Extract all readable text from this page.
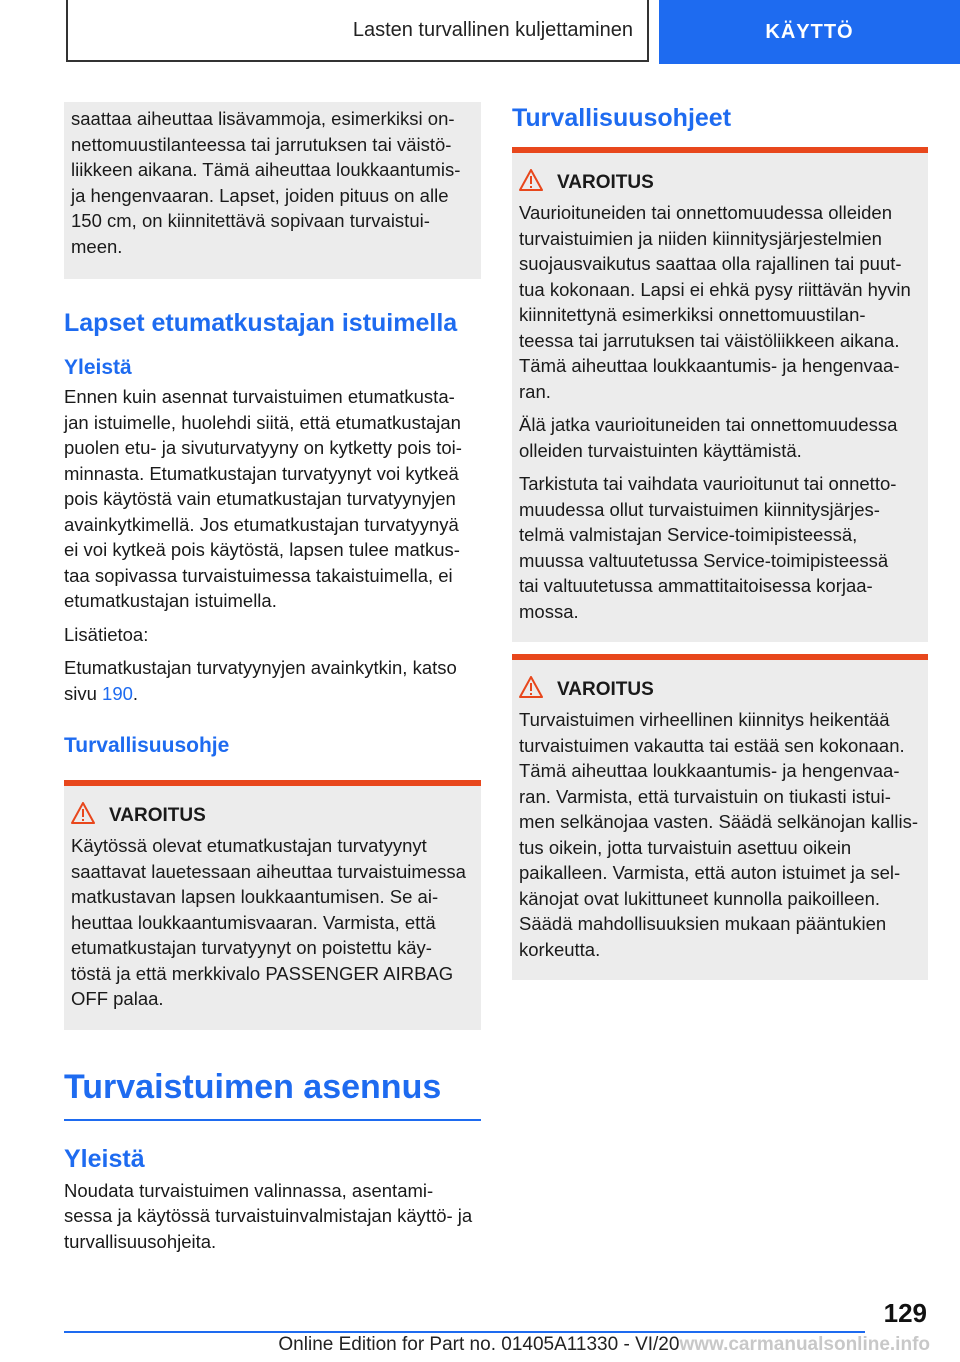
Lasten turvallinen kuljettaminen	KÄYTTÖ

saattaa aiheuttaa lisävammoja, esimerkiksi on-

nettomuustilanteessa tai jarrutuksen tai väistö-

liikkeen aikana. Tämä aiheuttaa loukkaantumis-

ja hengenvaaran. Lapset, joiden pituus on alle

150 cm, on kiinnitettävä sopivaan turvaistui-

meen.

Lapset etumatkustajan istuimella
Yleistä

Ennen kuin asennat turvaistuimen etumatkusta-

jan istuimelle, huolehdi siitä, että etumatkustajan

puolen etu- ja sivuturvatyyny on kytketty pois toi-

minnasta. Etumatkustajan turvatyynyt voi kytkeä

pois käytöstä vain etumatkustajan turvatyynyjen

avainkytkimellä. Jos etumatkustajan turvatyynyä

ei voi kytkeä pois käytöstä, lapsen tulee matkus-

taa sopivassa turvaistuimessa takaistuimella, ei

etumatkustajan istuimella.

Lisätietoa:

Etumatkustajan turvatyynyjen avainkytkin, katso

sivu 190.

Turvallisuusohje
VAROITUS

Käytössä olevat etumatkustajan turvatyynyt

saattavat lauetessaan aiheuttaa turvaistuimessa

matkustavan lapsen loukkaantumisen. Se ai-

heuttaa loukkaantumisvaaran. Varmista, että

etumatkustajan turvatyynyt on poistettu käy-

töstä ja että merkkivalo PASSENGER AIRBAG

OFF palaa.

Turvaistuimen asennus
Yleistä

Noudata turvaistuimen valinnassa, asentami-

sessa ja käytössä turvaistuinvalmistajan käyttö- ja

turvallisuusohjeita.

Turvallisuusohjeet
VAROITUS

Vaurioituneiden tai onnettomuudessa olleiden

turvaistuimien ja niiden kiinnitysjärjestelmien

suojausvaikutus saattaa olla rajallinen tai puut-

tua kokonaan. Lapsi ei ehkä pysy riittävän hyvin

kiinnitettynä esimerkiksi onnettomuustilan-

teessa tai jarrutuksen tai väistöliikkeen aikana.

Tämä aiheuttaa loukkaantumis- ja hengenvaa-

ran.

Älä jatka vaurioituneiden tai onnettomuudessa

olleiden turvaistuinten käyttämistä.

Tarkistuta tai vaihdata vaurioitunut tai onnetto-

muudessa ollut turvaistuimen kiinnitysjärjes-

telmä valmistajan Service-toimipisteessä,

muussa valtuutetussa Service-toimipisteessä

tai valtuutetussa ammattitaitoisessa korjaa-

mossa.

VAROITUS

Turvaistuimen virheellinen kiinnitys heikentää

turvaistuimen vakautta tai estää sen kokonaan.

Tämä aiheuttaa loukkaantumis- ja hengenvaa-

ran. Varmista, että turvaistuin on tiukasti istui-

men selkänojaa vasten. Säädä selkänojan kallis-

tus oikein, jotta turvaistuin asettuu oikein

paikalleen. Varmista, että auton istuimet ja sel-

känojat ovat lukittuneet kunnolla paikoilleen.

Säädä mahdollisuuksien mukaan pääntukien

korkeutta.

129
Online Edition for Part no. 01405A11330 - VI/20www.carmanualsonline.info
